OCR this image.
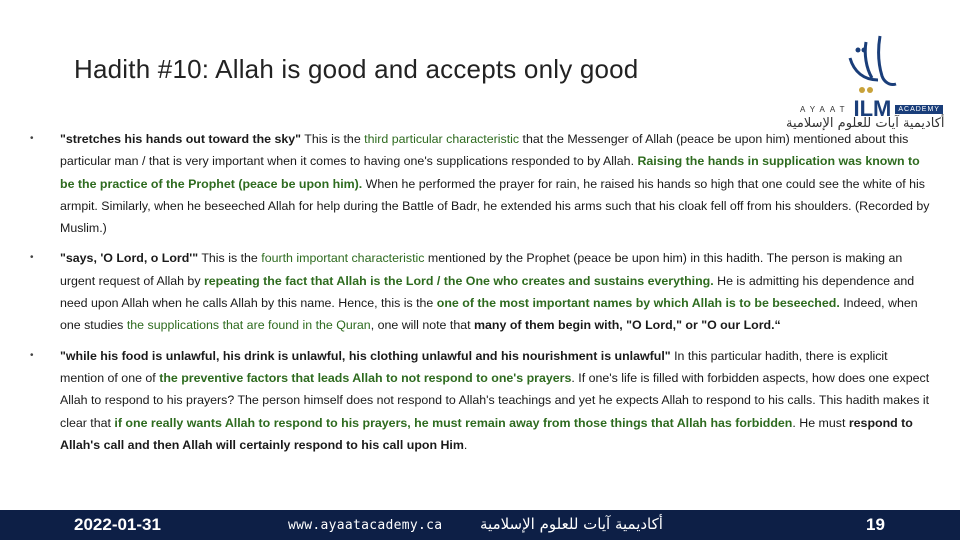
Hadith #10: Allah is good and accepts only good
AYAAT ILM	ACADEMY
أكاديمية آيات للعلوم الإسلامية
• "stretches his hands out toward the sky" This is the third particular characteristic that the Messenger of Allah (peace be upon him) mentioned about this particular man / that is very important when it comes to having one's supplications responded to by Allah. Raising the hands in supplication was known to be the practice of the Prophet (peace be upon him). When he performed the prayer for rain, he raised his hands so high that one could see the white of his armpit. Similarly, when he beseeched Allah for help during the Battle of Badr, he extended his arms such that his cloak fell off from his shoulders. (Recorded by Muslim.)
• "says, 'O Lord, o Lord'" This is the fourth important characteristic mentioned by the Prophet (peace be upon him) in this hadith. The person is making an urgent request of Allah by repeating the fact that Allah is the Lord / the One who creates and sustains everything. He is admitting his dependence and need upon Allah when he calls Allah by this name. Hence, this is the one of the most important names by which Allah is to be beseeched. Indeed, when one studies the supplications that are found in the Quran, one will note that many of them begin with, "O Lord," or "O our Lord.“
• "while his food is unlawful, his drink is unlawful, his clothing unlawful and his nourishment is unlawful" In this particular hadith, there is explicit mention of one of the preventive factors that leads Allah to not respond to one's prayers. If one's life is filled with forbidden aspects, how does one expect Allah to respond to his prayers? The person himself does not respond to Allah's teachings and yet he expects Allah to respond to his calls. This hadith makes it clear that if one really wants Allah to respond to his prayers, he must remain away from those things that Allah has forbidden. He must respond to Allah's call and then Allah will certainly respond to his call upon Him.
2022-01-31	www.ayaatacademy.ca	أكاديمية آيات للعلوم الإسلامية	19
